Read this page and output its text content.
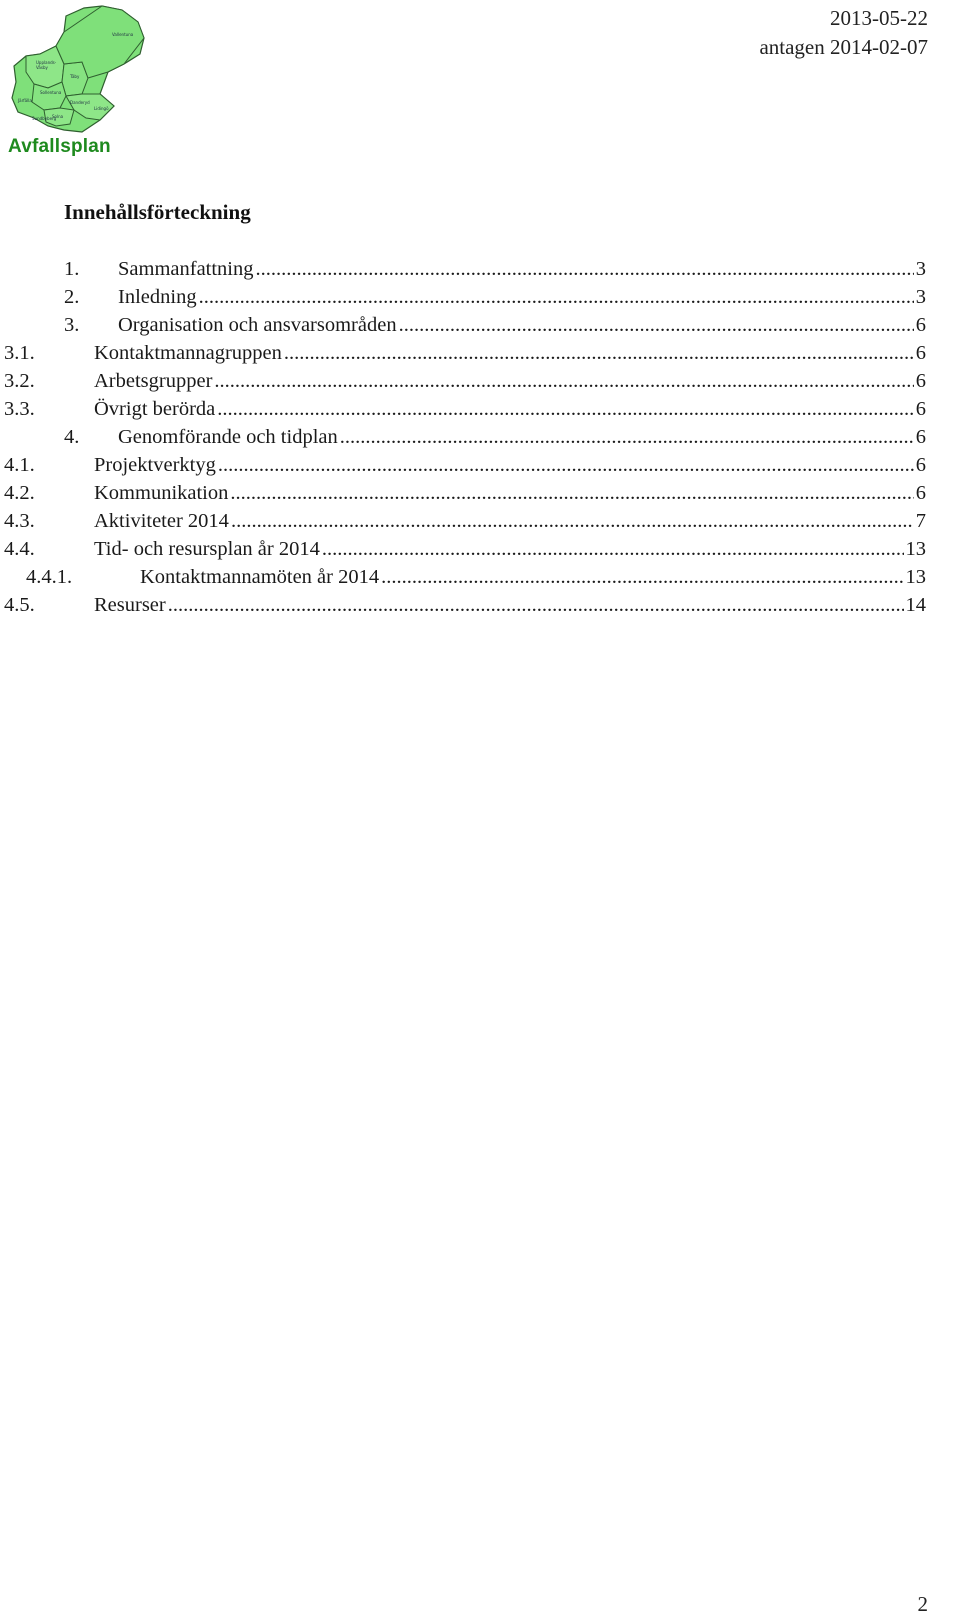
Vallentuna
Upplands-
Väsby
Täby
Sollentuna
Järfälla	Danderyd
Lidingö
Solna
Sundbyberg
Avfallsplan
2013-05-22
antagen 2014-02-07
Innehållsförteckning
1.	Sammanfattning .....	3
2.	Inledning .....	3
3.	Organisation och ansvarsområden .....	6
3.1.	Kontaktmannagruppen .....	6
3.2.	Arbetsgrupper .....	6
3.3.	Övrigt berörda .....	6
4.	Genomförande och tidplan .....	6
4.1.	Projektverktyg .....	6
4.2.	Kommunikation .....	6
4.3.	Aktiviteter 2014 .....	7
4.4.	Tid- och resursplan år 2014 .....	13
4.4.1.	Kontaktmannamöten år 2014 .....	13
4.5.	Resurser .....	14
2
